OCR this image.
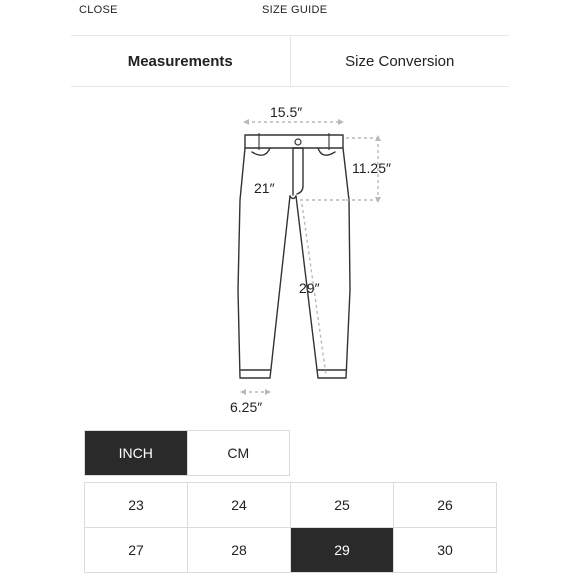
CLOSE	SIZE GUIDE
Measurements	Size Conversion
15.5″
11.25″
21″
29″
6.25″
INCH	CM
23	24	25	26
27	28	29	30
